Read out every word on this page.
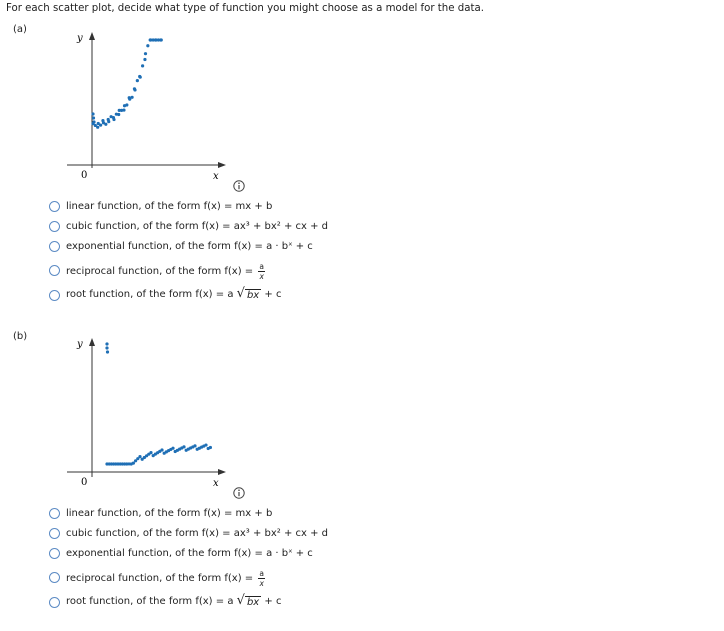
For each scatter plot, decide what type of function you might choose as a model for the data.
(a)
y
x
0
linear function, of the form f(x) = mx + b
cubic function, of the form f(x) = ax³ + bx² + cx + d
exponential function, of the form f(x) = a · bˣ + c
reciprocal function, of the form $f(x) = \frac{a}{x}$
root function, of the form f(x) = a √ bx + c
(b)
y
x
0
linear function, of the form f(x) = mx + b
cubic function, of the form f(x) = ax³ + bx² + cx + d
exponential function, of the form f(x) = a · bˣ + c
reciprocal function, of the form $f(x) = \frac{a}{x}$
root function, of the form f(x) = a √ bx + c
